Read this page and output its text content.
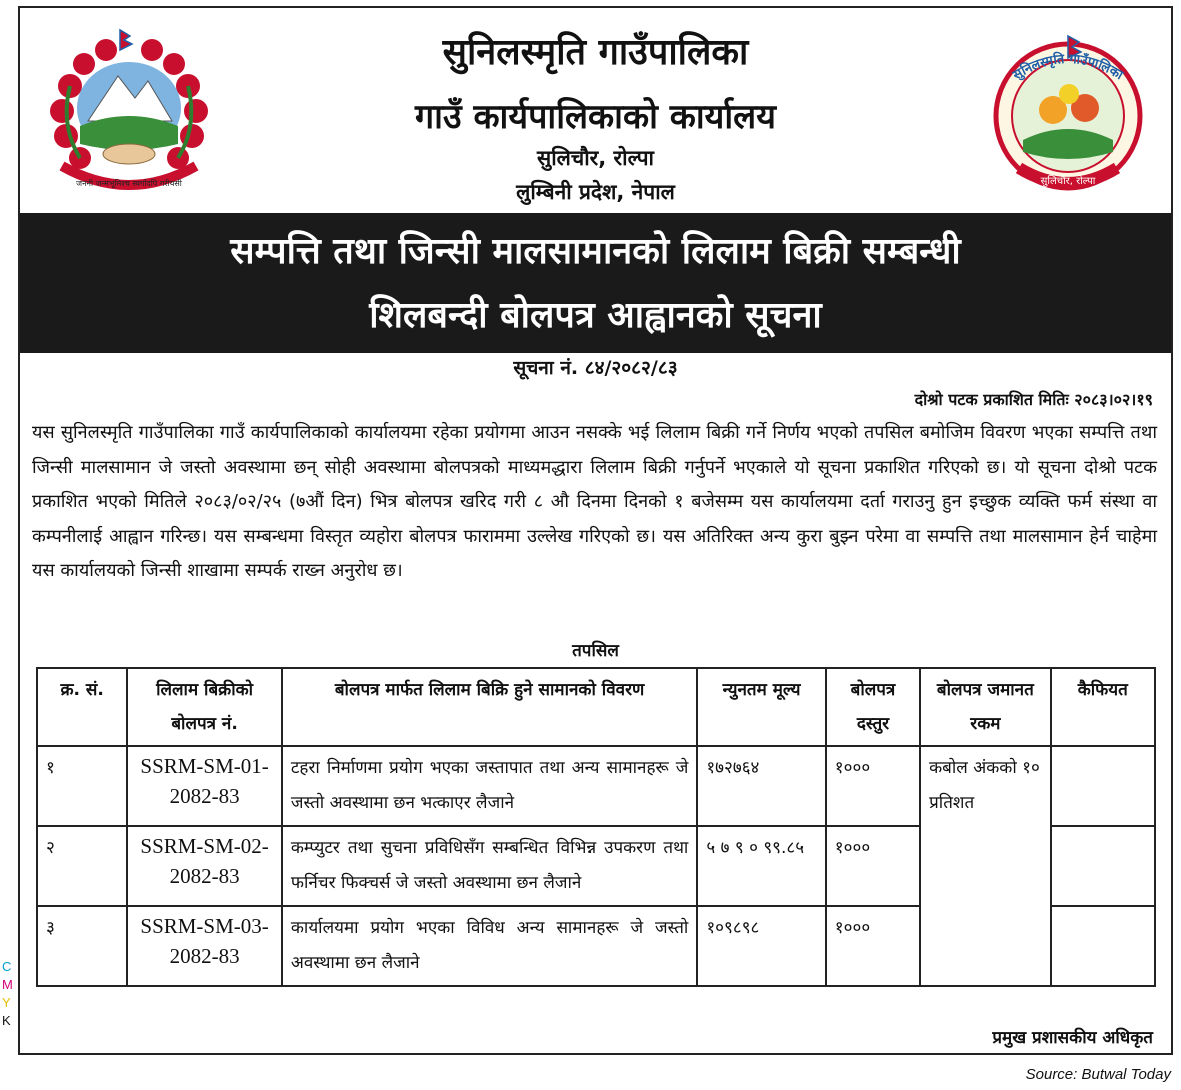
जननी जन्मभूमिश्च स्वर्गादपि गरीयसी
सुनिलस्मृति गाउँपालिका
गाउँ कार्यपालिकाको कार्यालय
सुलिचौर, रोल्पा
लुम्बिनी प्रदेश, नेपाल
सुनिलस्मृति गाउँपालिका
सुलिचौर, रोल्पा
सम्पत्ति तथा जिन्सी मालसामानको लिलाम बिक्री सम्बन्धी
शिलबन्दी बोलपत्र आह्वानको सूचना
सूचना नं. ८४/२०८२/८३
दोश्रो पटक प्रकाशित मितिः २०८३।०२।१९
यस सुनिलस्मृति गाउँपालिका गाउँ कार्यपालिकाको कार्यालयमा रहेका प्रयोगमा आउन नसक्के भई लिलाम बिक्री गर्ने निर्णय भएको तपसिल बमोजिम विवरण भएका सम्पत्ति तथा जिन्सी मालसामान जे जस्तो अवस्थामा छन् सोही अवस्थामा बोलपत्रको माध्यमद्धारा लिलाम बिक्री गर्नुपर्ने भएकाले यो सूचना प्रकाशित गरिएको छ। यो सूचना दोश्रो पटक प्रकाशित भएको मितिले २०८३/०२/२५ (७औं दिन) भित्र बोलपत्र खरिद गरी ८ औ दिनमा दिनको १ बजेसम्म यस कार्यालयमा दर्ता गराउनु हुन इच्छुक व्यक्ति फर्म संस्था वा कम्पनीलाई आह्वान गरिन्छ। यस सम्बन्धमा विस्तृत व्यहोरा बोलपत्र फाराममा उल्लेख गरिएको छ। यस अतिरिक्त अन्य कुरा बुझ्न परेमा वा सम्पत्ति तथा मालसामान हेर्न चाहेमा यस कार्यालयको जिन्सी शाखामा सम्पर्क राख्न अनुरोध छ।
तपसिल
क्र. सं.	लिलाम बिक्रीको बोलपत्र नं.	बोलपत्र मार्फत लिलाम बिक्रि हुने सामानको विवरण	न्युनतम मूल्य	बोलपत्र दस्तुर	बोलपत्र जमानत रकम	कैफियत
१	SSRM-SM-01-2082-83	टहरा निर्माणमा प्रयोग भएका जस्तापात तथा अन्य सामानहरू जे जस्तो अवस्थामा छन भत्काएर लैजाने	१७२७६४	१०००	कबोल अंकको १० प्रतिशत	
२	SSRM-SM-02-2082-83	कम्प्युटर तथा सुचना प्रविधिसँग सम्बन्धित विभिन्न उपकरण तथा फर्निचर फिक्चर्स जे जस्तो अवस्थामा छन लैजाने	५ ७ ९ ० ९९.८५	१०००		
३	SSRM-SM-03-2082-83	कार्यालयमा प्रयोग भएका विविध अन्य सामानहरू जे जस्तो अवस्थामा छन लैजाने	१०९८९८	१०००		
प्रमुख प्रशासकीय अधिकृत
C
M
Y
K
Source: Butwal Today
